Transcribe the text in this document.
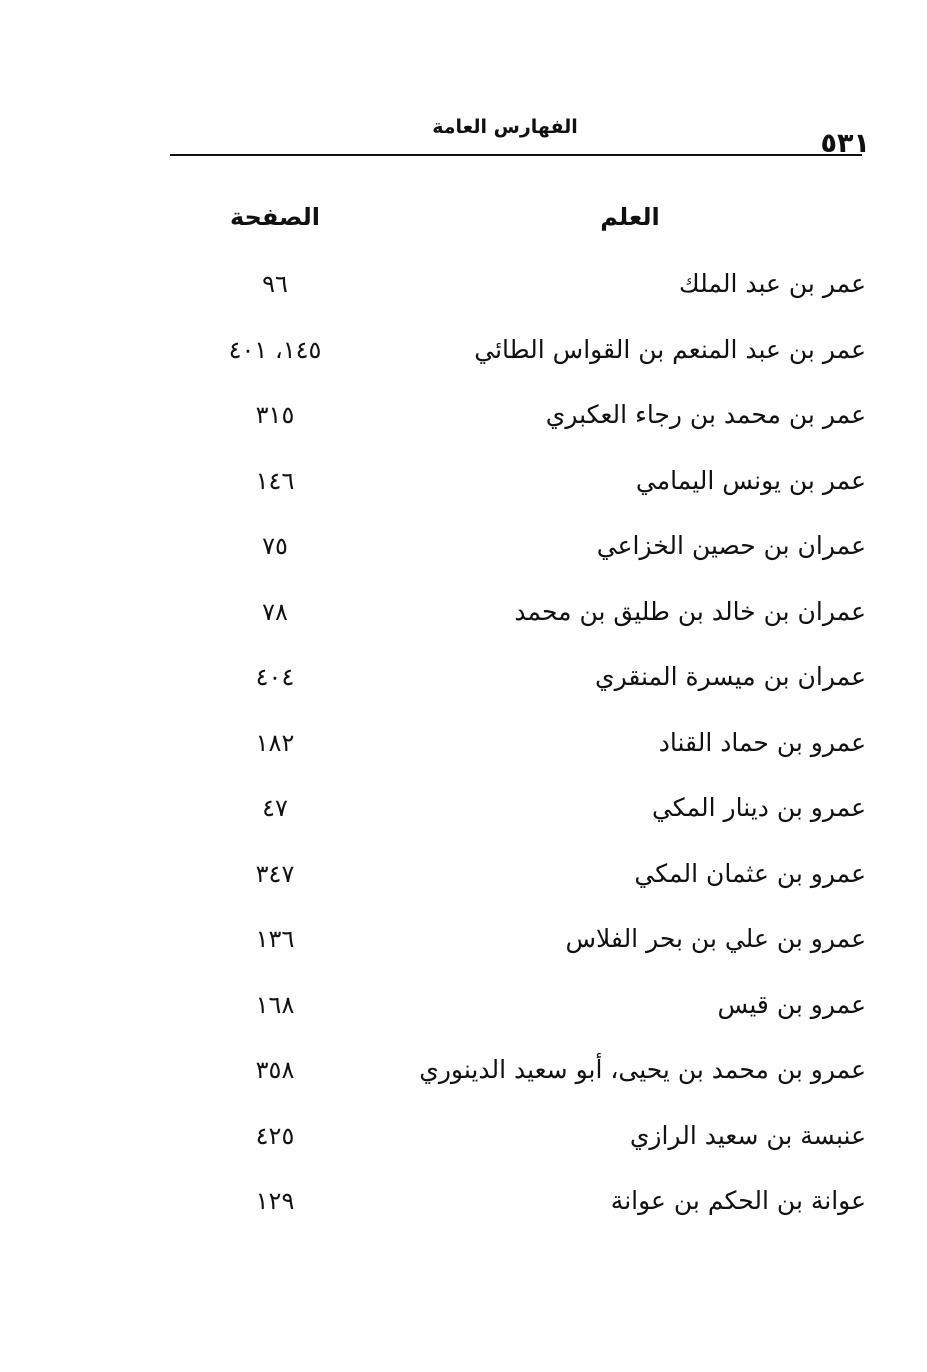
الفهارس العامة
٥٣١
العلم
الصفحة
عمر بن عبد الملك
٩٦
عمر بن عبد المنعم بن القواس الطائي
١٤٥، ٤٠١
عمر بن محمد بن رجاء العكبري
٣١٥
عمر بن يونس اليمامي
١٤٦
عمران بن حصين الخزاعي
٧٥
عمران بن خالد بن طليق بن محمد
٧٨
عمران بن ميسرة المنقري
٤٠٤
عمرو بن حماد القناد
١٨٢
عمرو بن دينار المكي
٤٧
عمرو بن عثمان المكي
٣٤٧
عمرو بن علي بن بحر الفلاس
١٣٦
عمرو بن قيس
١٦٨
عمرو بن محمد بن يحيى، أبو سعيد الدينوري
٣٥٨
عنبسة بن سعيد الرازي
٤٢٥
عوانة بن الحكم بن عوانة
١٢٩
